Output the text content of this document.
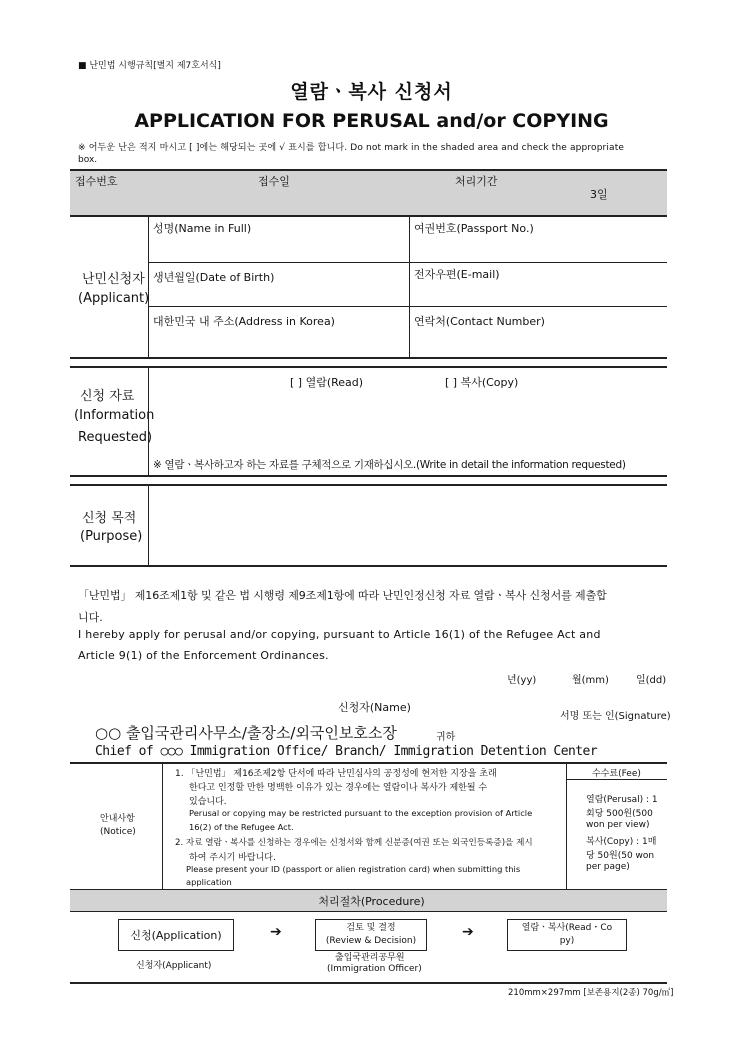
■ 난민법 시행규칙[별지 제7호서식]
열람ㆍ복사 신청서
APPLICATION FOR PERUSAL and/or COPYING
※ 어두운 난은 적지 마시고 [ ]에는 해당되는 곳에 √ 표시를 합니다. Do not mark in the shaded area and check the appropriate
box.
접수번호	접수일	처리기간
3일
난민신청자
(Applicant)
성명(Name in Full)	여권번호(Passport No.)
생년월일(Date of Birth)	전자우편(E-mail)
대한민국 내 주소(Address in Korea)	연락처(Contact Number)
신청 자료
(Information
Requested)
[ ] 열람(Read)	[ ] 복사(Copy)
※ 열람ㆍ복사하고자 하는 자료를 구체적으로 기재하십시오.(Write in detail the information requested)
신청 목적
(Purpose)
「난민법」 제16조제1항 및 같은 법 시행령 제9조제1항에 따라 난민인정신청 자료 열람ㆍ복사 신청서를 제출합
니다.
I hereby apply for perusal and/or copying, pursuant to Article 16(1) of the Refugee Act and
Article 9(1) of the Enforcement Ordinances.
년(yy)	월(mm)	일(dd)
신청자(Name)
서명 또는 인(Signature)
○○ 출입국관리사무소/출장소/외국인보호소장	귀하
Chief of ○○○ Immigration Office/ Branch/ Immigration Detention Center
안내사항
(Notice)
1. 「난민법」 제16조제2항 단서에 따라 난민심사의 공정성에 현저한 지장을 초래
한다고 인정할 만한 명백한 이유가 있는 경우에는 열람이나 복사가 제한될 수
있습니다.
Perusal or copying may be restricted pursuant to the exception provision of Article
16(2) of the Refugee Act.
2. 자료 열람ㆍ복사를 신청하는 경우에는 신청서와 함께 신분증(여권 또는 외국인등록증)을 제시
하여 주시기 바랍니다.
Please present your ID (passport or alien registration card) when submitting this
application
수수료(Fee)
열람(Perusal) : 1
회당 500원(500
won per view)
복사(Copy) : 1매
당 50원(50 won
per page)
처리절차(Procedure)
신청(Application)	➔	검토 및 결정
(Review & Decision)
➔	열람ㆍ복사(Read・Co
py)
신청자(Applicant)
출입국관리공무원
(Immigration Officer)
210mm×297mm [보존용지(2종) 70g/㎡]
